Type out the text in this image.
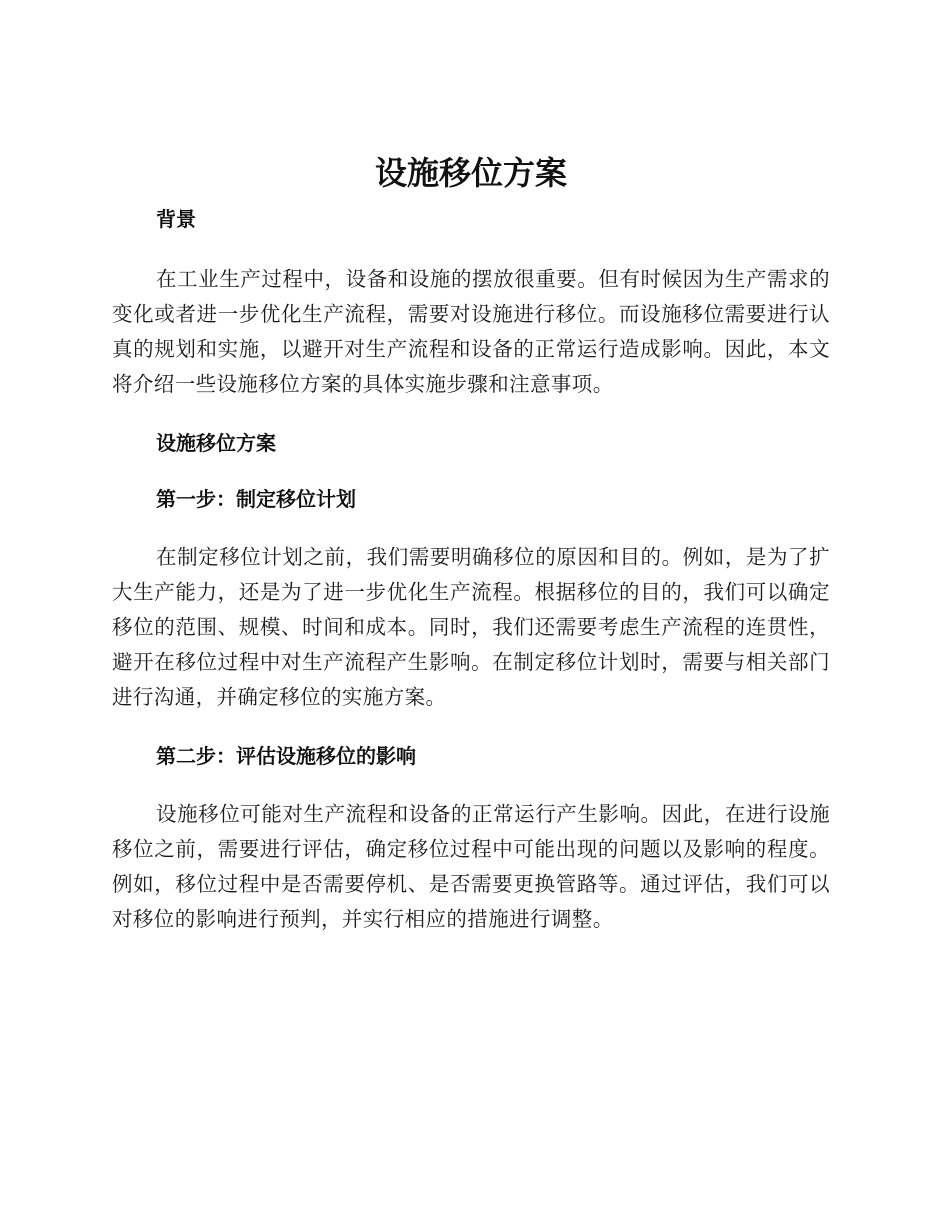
设施移位方案
背景

在工业生产过程中，设备和设施的摆放很重要。但有时候因为生产需求的变化或者进一步优化生产流程，需要对设施进行移位。而设施移位需要进行认真的规划和实施，以避开对生产流程和设备的正常运行造成影响。因此，本文将介绍一些设施移位方案的具体实施步骤和注意事项。

设施移位方案
第一步：制定移位计划

在制定移位计划之前，我们需要明确移位的原因和目的。例如，是为了扩大生产能力，还是为了进一步优化生产流程。根据移位的目的，我们可以确定移位的范围、规模、时间和成本。同时，我们还需要考虑生产流程的连贯性，避开在移位过程中对生产流程产生影响。在制定移位计划时，需要与相关部门进行沟通，并确定移位的实施方案。

第二步：评估设施移位的影响

设施移位可能对生产流程和设备的正常运行产生影响。因此，在进行设施移位之前，需要进行评估，确定移位过程中可能出现的问题以及影响的程度。例如，移位过程中是否需要停机、是否需要更换管路等。通过评估，我们可以对移位的影响进行预判，并实行相应的措施进行调整。
